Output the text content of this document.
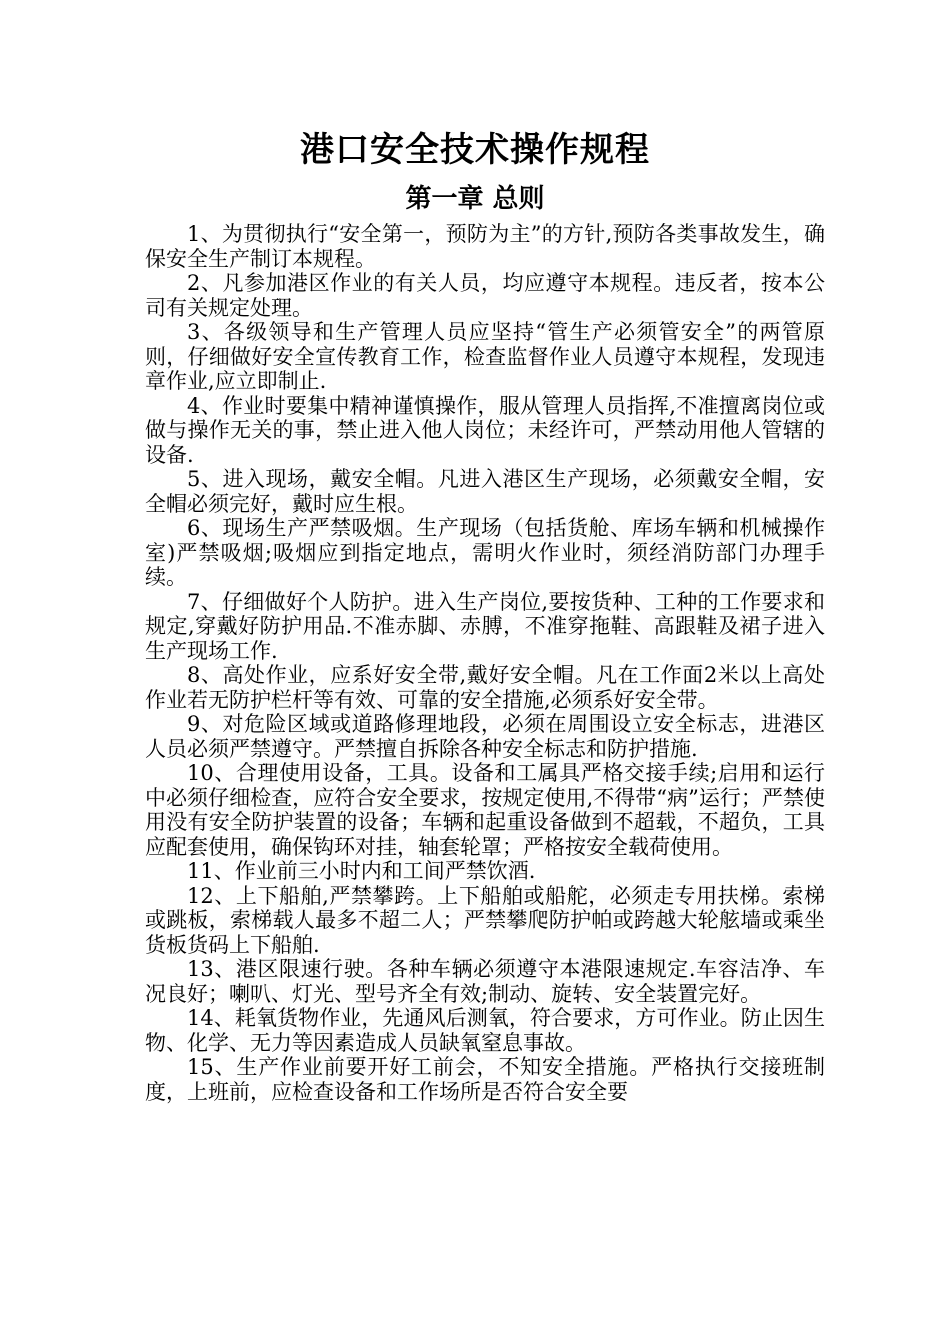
港口安全技术操作规程
第一章 总则

1、为贯彻执行“安全第一，预防为主”的方针,预防各类事故发生，确保安全生产制订本规程。

2、凡参加港区作业的有关人员，均应遵守本规程。违反者，按本公司有关规定处理。

3、各级领导和生产管理人员应坚持“管生产必须管安全”的两管原则，仔细做好安全宣传教育工作，检查监督作业人员遵守本规程，发现违章作业,应立即制止.

4、作业时要集中精神谨慎操作，服从管理人员指挥,不准擅离岗位或做与操作无关的事，禁止进入他人岗位；未经许可，严禁动用他人管辖的设备.

5、进入现场，戴安全帽。凡进入港区生产现场，必须戴安全帽，安全帽必须完好，戴时应生根。

6、现场生产严禁吸烟。生产现场（包括货舱、库场车辆和机械操作室)严禁吸烟;吸烟应到指定地点，需明火作业时，须经消防部门办理手续。

7、仔细做好个人防护。进入生产岗位,要按货种、工种的工作要求和规定,穿戴好防护用品.不准赤脚、赤膊，不准穿拖鞋、高跟鞋及裙子进入生产现场工作.

8、高处作业，应系好安全带,戴好安全帽。凡在工作面2米以上高处作业若无防护栏杆等有效、可靠的安全措施,必须系好安全带。

9、对危险区域或道路修理地段，必须在周围设立安全标志，进港区人员必须严禁遵守。严禁擅自拆除各种安全标志和防护措施.

10、合理使用设备，工具。设备和工属具严格交接手续;启用和运行中必须仔细检查，应符合安全要求，按规定使用,不得带“病”运行；严禁使用没有安全防护装置的设备；车辆和起重设备做到不超载，不超负，工具应配套使用，确保钩环对挂，轴套轮罩；严格按安全载荷使用。

11、作业前三小时内和工间严禁饮酒.

12、上下船舶,严禁攀跨。上下船舶或船舵，必须走专用扶梯。索梯或跳板，索梯载人最多不超二人；严禁攀爬防护帕或跨越大轮舷墙或乘坐货板货码上下船舶.

13、港区限速行驶。各种车辆必须遵守本港限速规定.车容洁净、车况良好；喇叭、灯光、型号齐全有效;制动、旋转、安全装置完好。

14、耗氧货物作业，先通风后测氧，符合要求，方可作业。防止因生物、化学、无力等因素造成人员缺氧窒息事故。

15、生产作业前要开好工前会，不知安全措施。严格执行交接班制度，上班前，应检查设备和工作场所是否符合安全要
